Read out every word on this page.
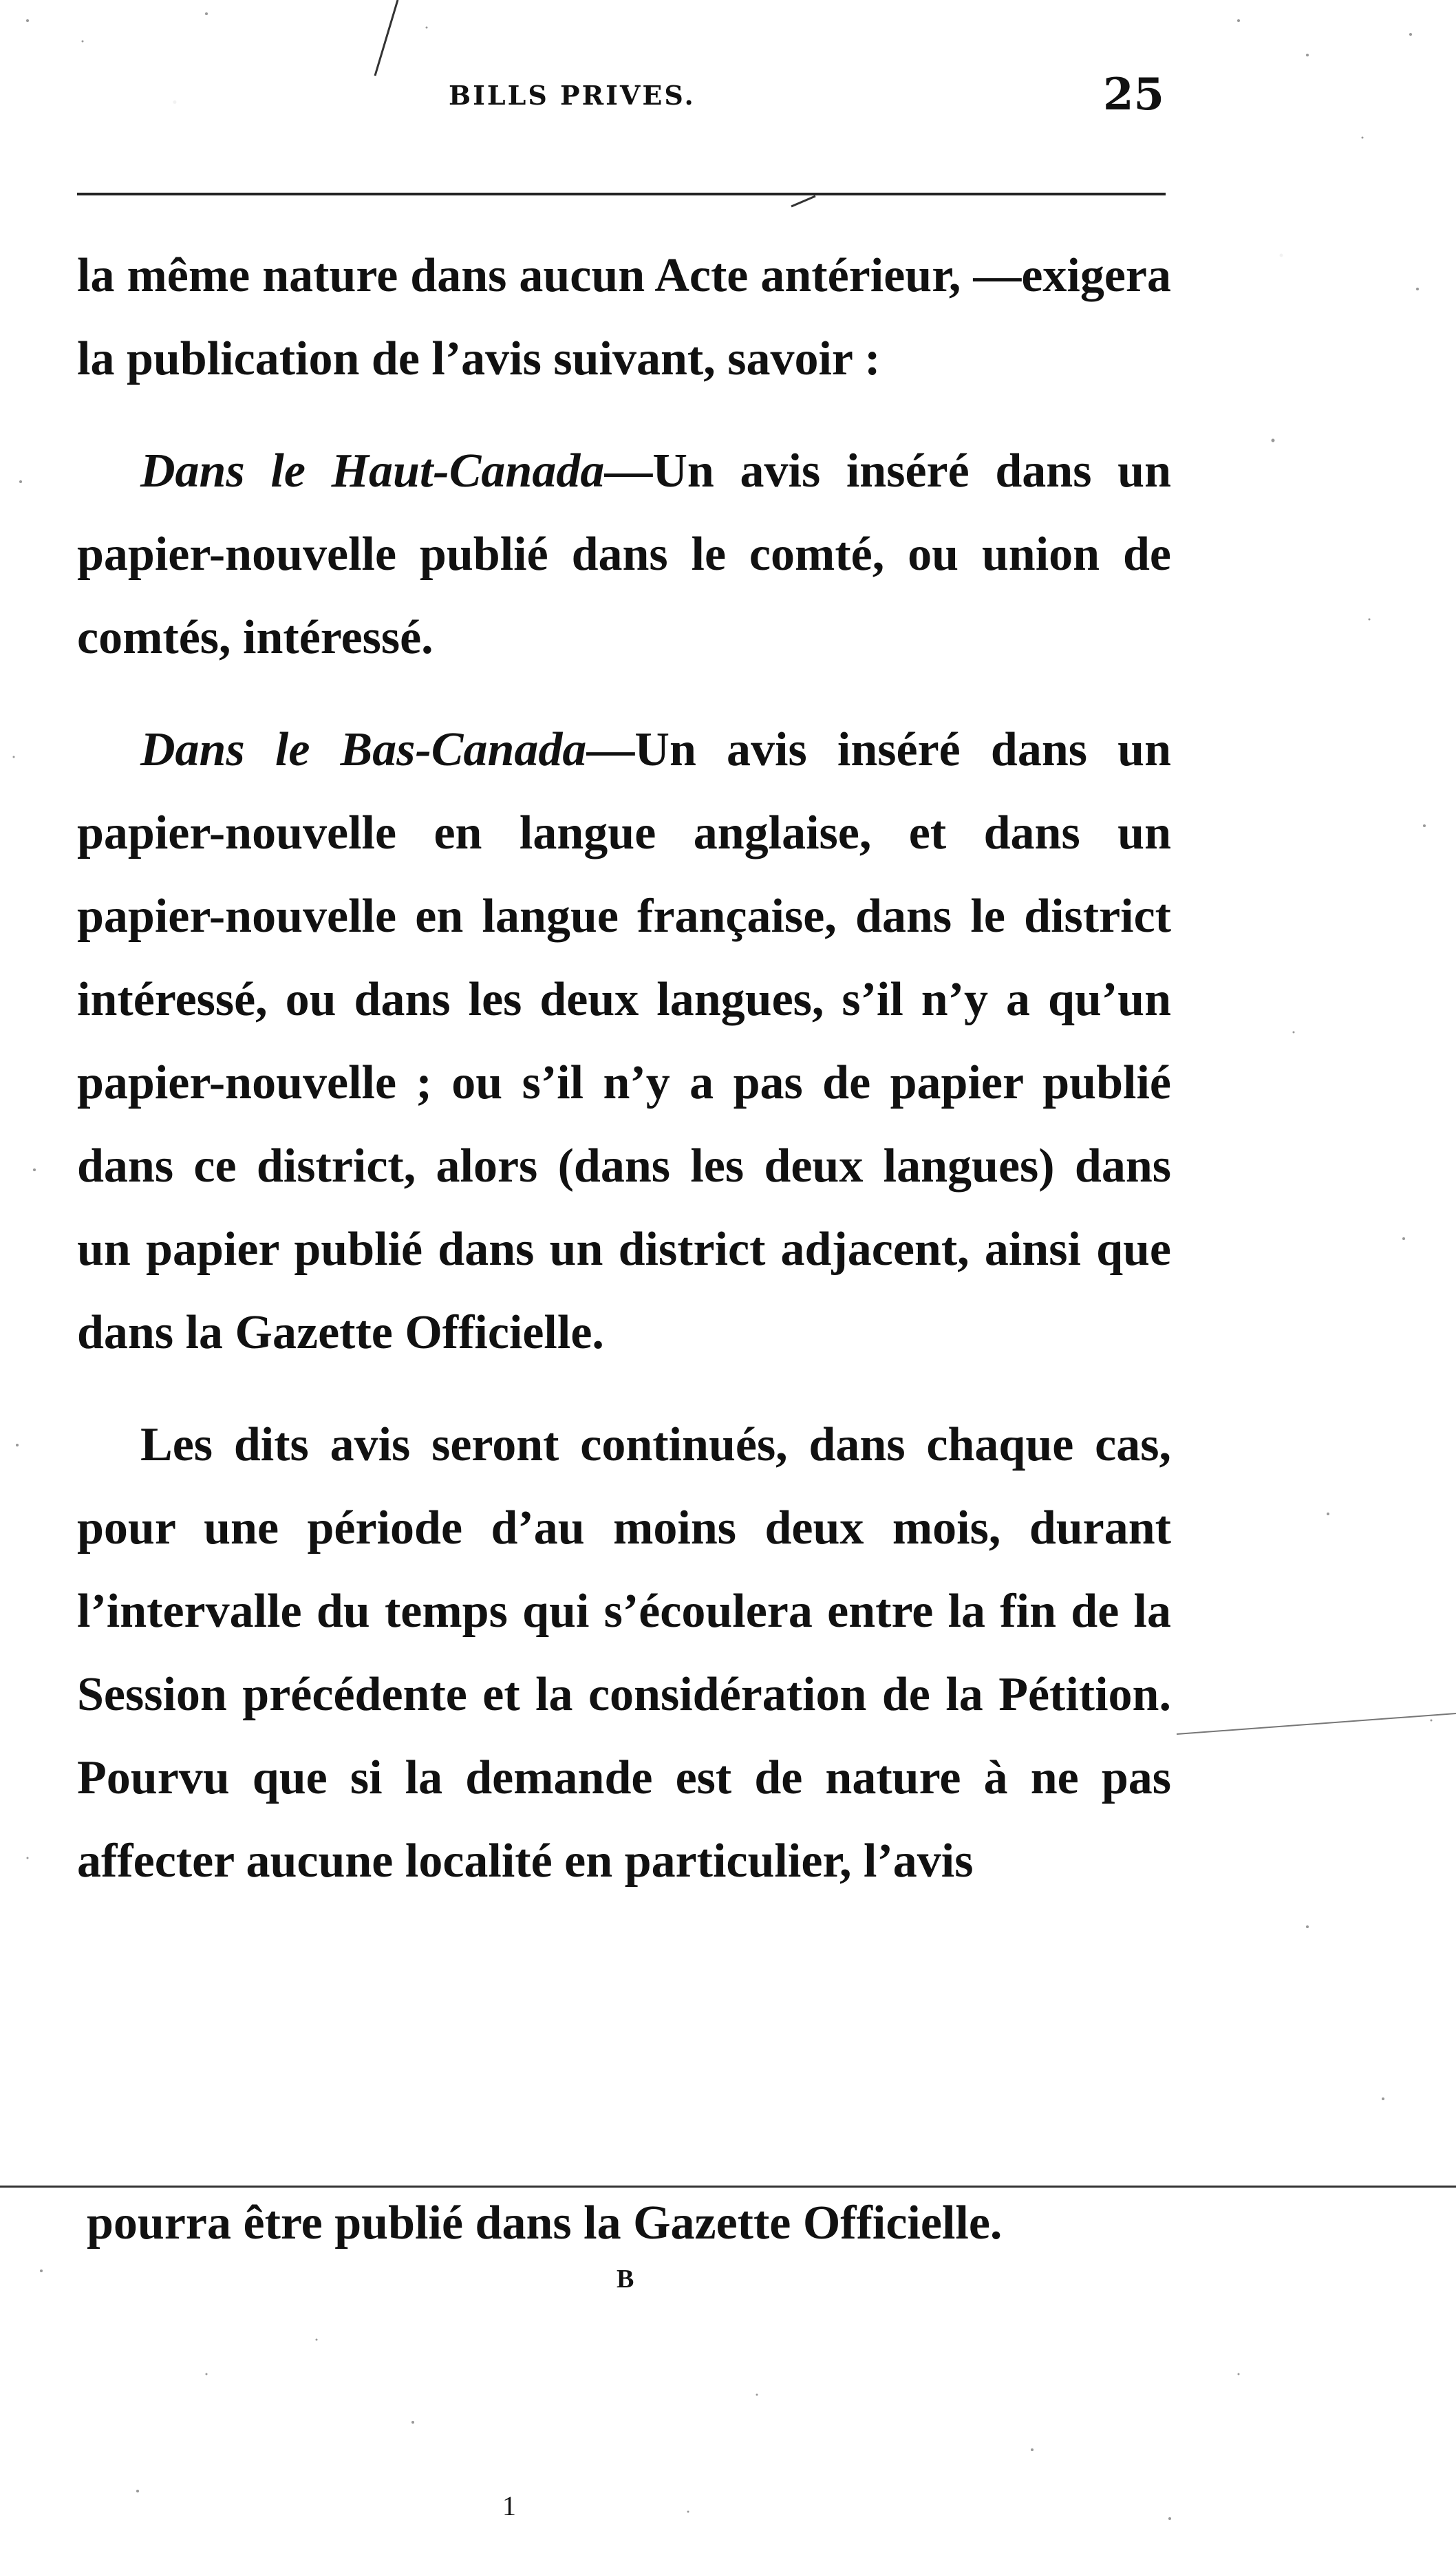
BILLS PRIVES.	25

la même nature dans aucun Acte antérieur, —exigera la publication de l’avis suivant, savoir :

Dans le Haut-Canada—Un avis inséré dans un papier-nouvelle publié dans le comté, ou union de comtés, intéressé.

Dans le Bas-Canada—Un avis inséré dans un papier-nouvelle en langue anglaise, et dans un papier-nouvelle en langue française, dans le district intéressé, ou dans les deux langues, s’il n’y a qu’un papier-nouvelle ; ou s’il n’y a pas de papier publié dans ce district, alors (dans les deux langues) dans un papier publié dans un district adjacent, ainsi que dans la Gazette Officielle.

Les dits avis seront continués, dans chaque cas, pour une période d’au moins deux mois, durant l’intervalle du temps qui s’écoulera entre la fin de la Session précédente et la considération de la Pétition. Pourvu que si la demande est de nature à ne pas affecter aucune localité en particulier, l’avis

pourra être publié dans la Gazette Officielle.
B
1
